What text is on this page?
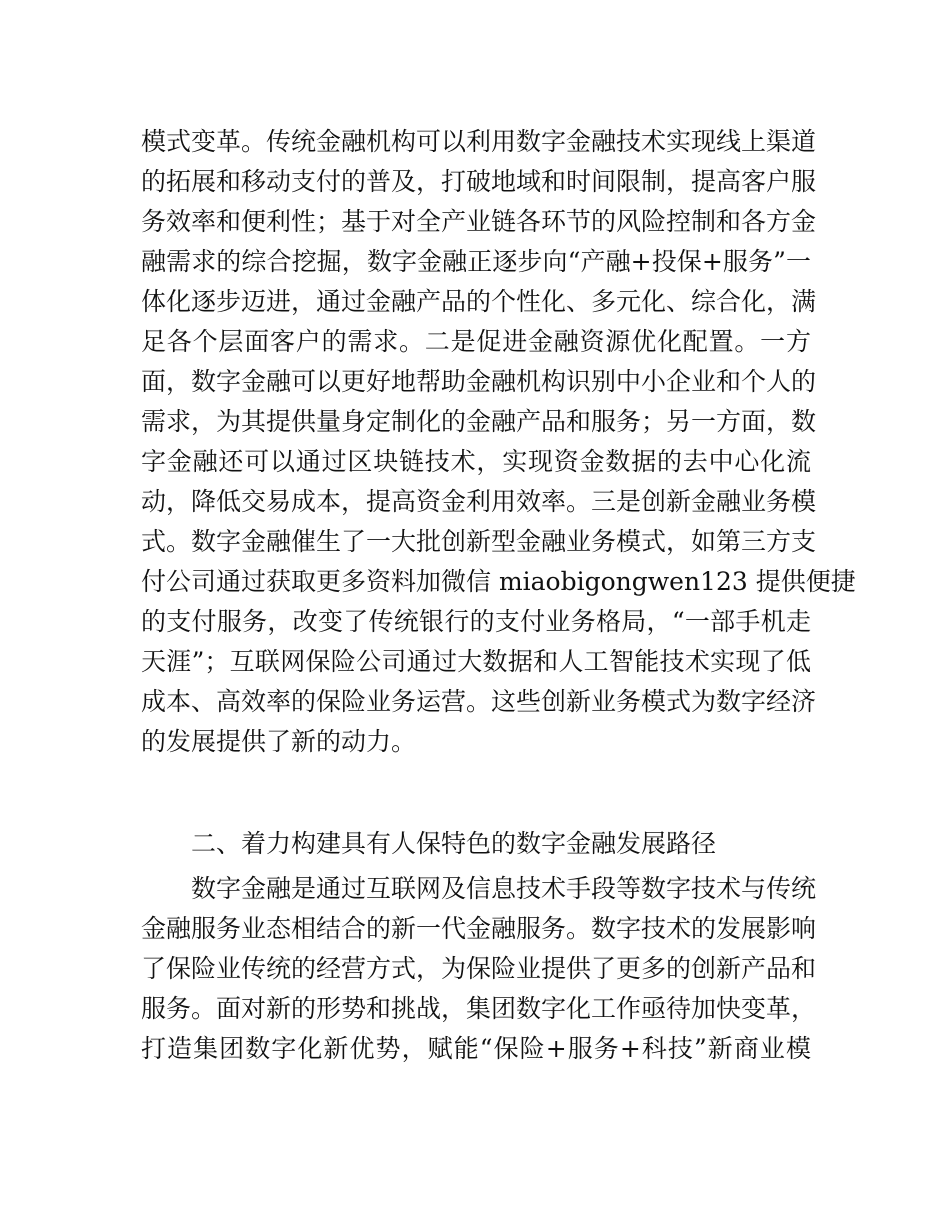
模式变革。传统金融机构可以利用数字金融技术实现线上渠道
的拓展和移动支付的普及，打破地域和时间限制，提高客户服
务效率和便利性；基于对全产业链各环节的风险控制和各方金
融需求的综合挖掘，数字金融正逐步向“产融+投保+服务”一
体化逐步迈进，通过金融产品的个性化、多元化、综合化，满
足各个层面客户的需求。二是促进金融资源优化配置。一方
面，数字金融可以更好地帮助金融机构识别中小企业和个人的
需求，为其提供量身定制化的金融产品和服务；另一方面，数
字金融还可以通过区块链技术，实现资金数据的去中心化流
动，降低交易成本，提高资金利用效率。三是创新金融业务模
式。数字金融催生了一大批创新型金融业务模式，如第三方支
付公司通过获取更多资料加微信 miaobigongwen123 提供便捷
的支付服务，改变了传统银行的支付业务格局，“一部手机走
天涯”；互联网保险公司通过大数据和人工智能技术实现了低
成本、高效率的保险业务运营。这些创新业务模式为数字经济
的发展提供了新的动力。
二、着力构建具有人保特色的数字金融发展路径
数字金融是通过互联网及信息技术手段等数字技术与传统
金融服务业态相结合的新一代金融服务。数字技术的发展影响
了保险业传统的经营方式，为保险业提供了更多的创新产品和
服务。面对新的形势和挑战，集团数字化工作亟待加快变革，
打造集团数字化新优势，赋能“保险+服务+科技”新商业模
